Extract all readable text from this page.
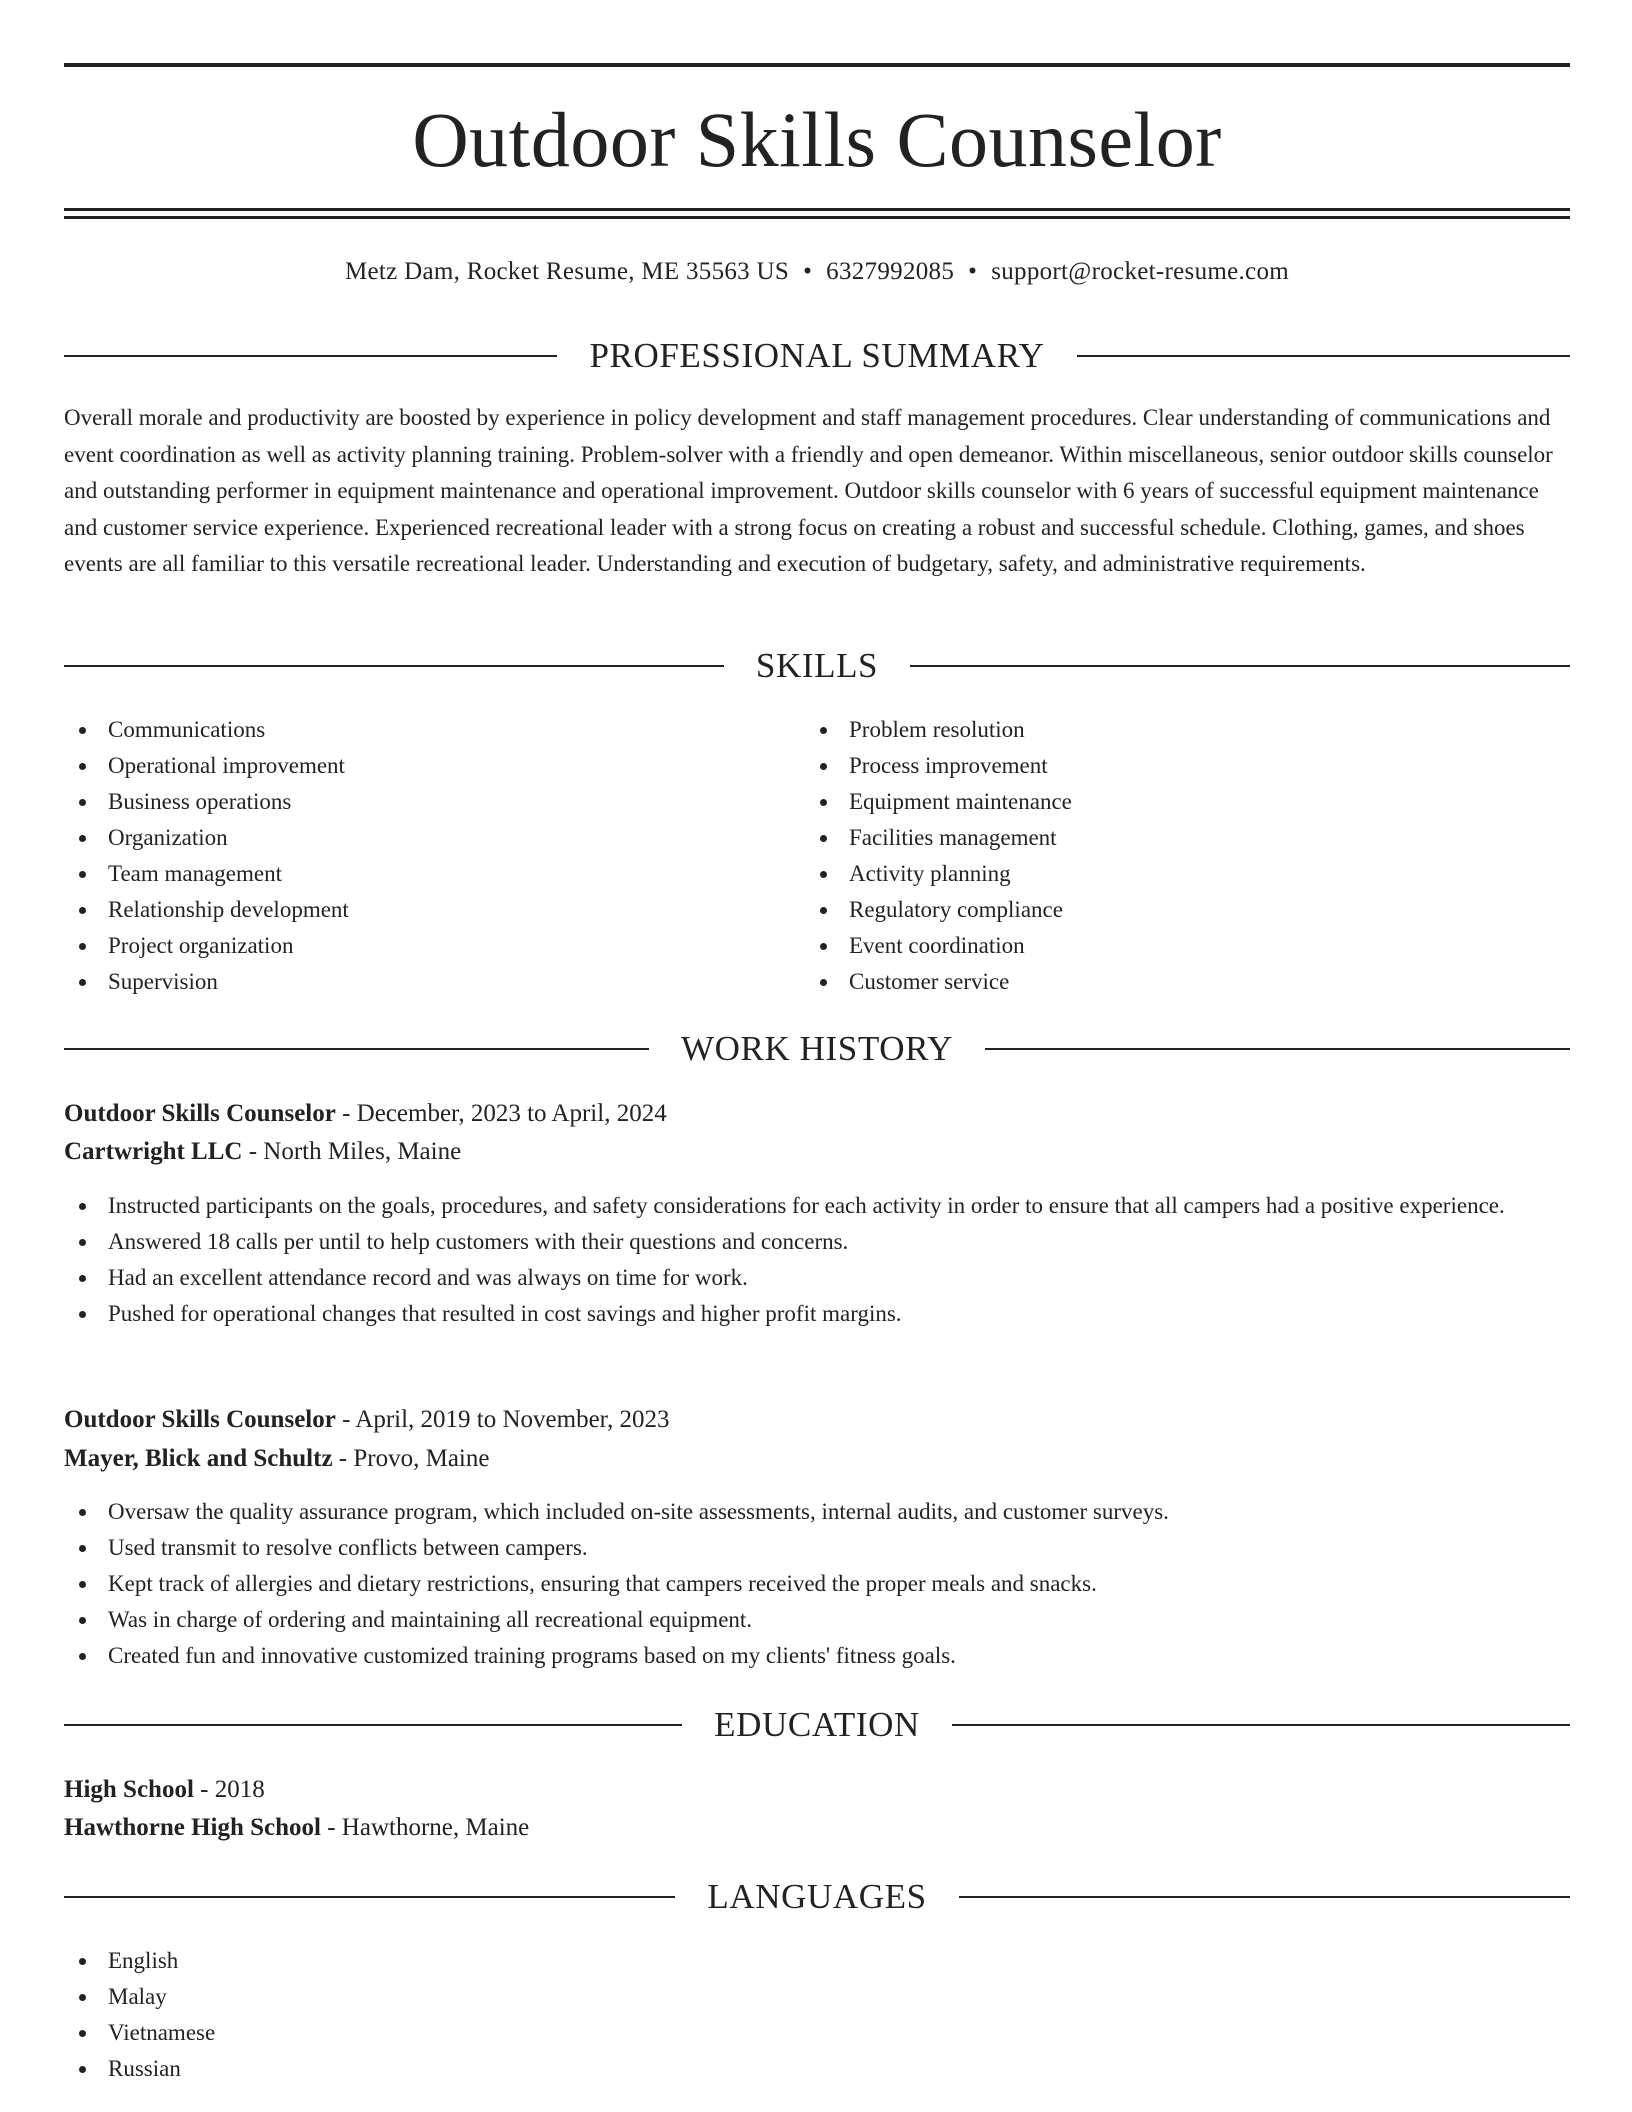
Outdoor Skills Counselor
Metz Dam, Rocket Resume, ME 35563 US • 6327992085 • support@rocket-resume.com
PROFESSIONAL SUMMARY

Overall morale and productivity are boosted by experience in policy development and staff management procedures. Clear understanding of communications and event coordination as well as activity planning training. Problem-solver with a friendly and open demeanor. Within miscellaneous, senior outdoor skills counselor and outstanding performer in equipment maintenance and operational improvement. Outdoor skills counselor with 6 years of successful equipment maintenance and customer service experience. Experienced recreational leader with a strong focus on creating a robust and successful schedule. Clothing, games, and shoes events are all familiar to this versatile recreational leader. Understanding and execution of budgetary, safety, and administrative requirements.

SKILLS
Communications
Operational improvement
Business operations
Organization
Team management
Relationship development
Project organization
Supervision
Problem resolution
Process improvement
Equipment maintenance
Facilities management
Activity planning
Regulatory compliance
Event coordination
Customer service
WORK HISTORY
Outdoor Skills Counselor - December, 2023 to April, 2024
Cartwright LLC - North Miles, Maine
Instructed participants on the goals, procedures, and safety considerations for each activity in order to ensure that all campers had a positive experience.
Answered 18 calls per until to help customers with their questions and concerns.
Had an excellent attendance record and was always on time for work.
Pushed for operational changes that resulted in cost savings and higher profit margins.
Outdoor Skills Counselor - April, 2019 to November, 2023
Mayer, Blick and Schultz - Provo, Maine
Oversaw the quality assurance program, which included on-site assessments, internal audits, and customer surveys.
Used transmit to resolve conflicts between campers.
Kept track of allergies and dietary restrictions, ensuring that campers received the proper meals and snacks.
Was in charge of ordering and maintaining all recreational equipment.
Created fun and innovative customized training programs based on my clients' fitness goals.
EDUCATION
High School - 2018
Hawthorne High School - Hawthorne, Maine
LANGUAGES
English
Malay
Vietnamese
Russian
